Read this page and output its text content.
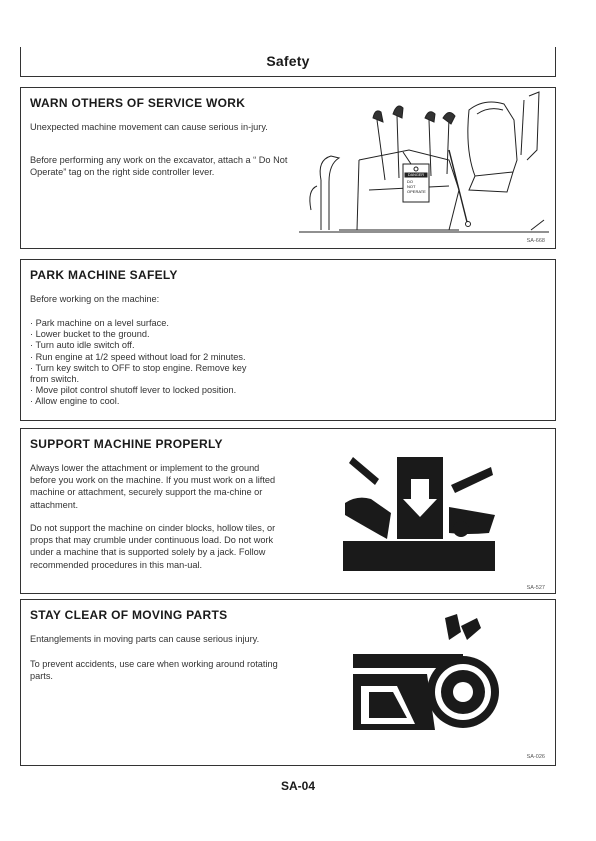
Safety
WARN OTHERS OF SERVICE WORK
Unexpected machine movement can cause serious in-jury.
Before performing any work on the excavator, attach a “ Do Not Operate” tag on the right side controller lever.	DANGER
DO
NOT
OPERATE
SA-668
PARK MACHINE SAFELY
Before working on the machine:
· Park machine on a level surface.
· Lower bucket to the ground.
· Turn auto idle switch off.
· Run engine at 1/2 speed without load for 2 minutes.
· Turn key switch to OFF to stop engine. Remove key
from switch.
· Move pilot control shutoff lever to locked position.
· Allow engine to cool.
SUPPORT MACHINE PROPERLY
Always lower the attachment or implement to the ground before you work on the machine. If you must work on a lifted machine or attachment, securely support the ma-chine or attachment.
Do not support the machine on cinder blocks, hollow tiles, or props that may crumble under continuous load. Do not work under a machine that is supported solely by a jack. Follow recommended procedures in this man-ual.
SA-527
STAY CLEAR OF MOVING PARTS
Entanglements in moving parts can cause serious injury.
To prevent accidents, use care when working around rotating parts.
SA-026
SA-04
